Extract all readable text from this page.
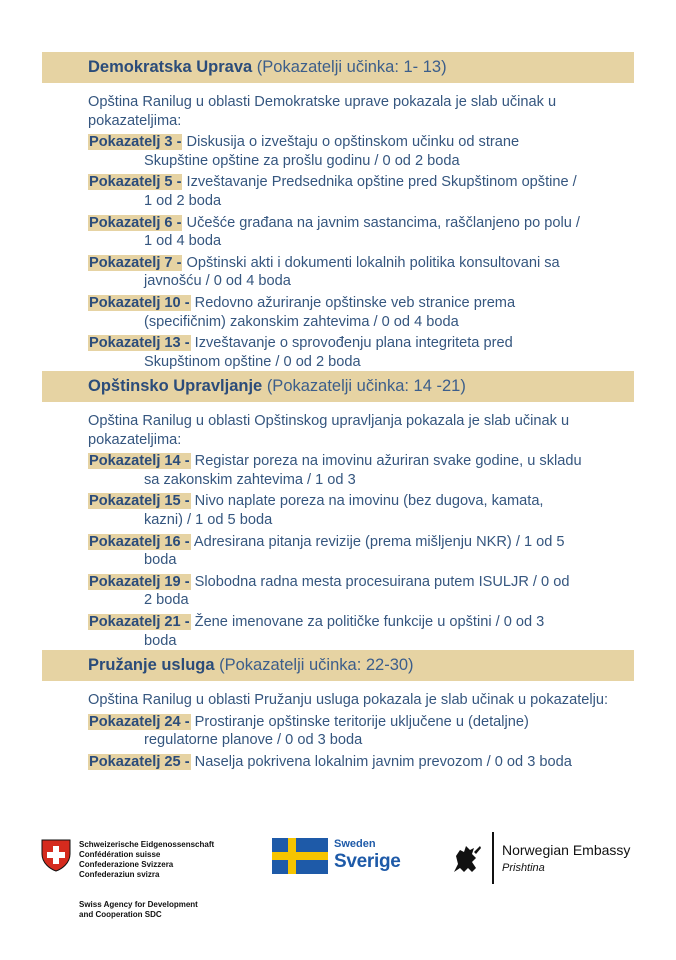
Demokratska Uprava (Pokazatelji učinka: 1- 13)
Opština Ranilug u oblasti Demokratske uprave pokazala je slab učinak u pokazateljima:
Pokazatelj 3 - Diskusija o izveštaju o opštinskom učinku od strane
Skupštine opštine za prošlu godinu / 0 od 2 boda
Pokazatelj 5 - Izveštavanje Predsednika opštine pred Skupštinom opštine /
1 od 2 boda
Pokazatelj 6 - Učešće građana na javnim sastancima, raščlanjeno po polu /
1 od 4 boda
Pokazatelj 7 - Opštinski akti i dokumenti lokalnih politika konsultovani sa
javnošću / 0 od 4 boda
Pokazatelj 10 - Redovno ažuriranje opštinske veb stranice prema
(specifičnim) zakonskim zahtevima / 0 od 4 boda
Pokazatelj 13 - Izveštavanje o sprovođenju plana integriteta pred
Skupštinom opštine / 0 od 2 boda
Opštinsko Upravljanje (Pokazatelji učinka: 14 -21)
Opština Ranilug u oblasti Opštinskog upravljanja pokazala je slab učinak u pokazateljima:
Pokazatelj 14 - Registar poreza na imovinu ažuriran svake godine, u skladu
sa zakonskim zahtevima / 1 od 3
Pokazatelj 15 - Nivo naplate poreza na imovinu (bez dugova, kamata,
kazni) / 1 od 5 boda
Pokazatelj 16 - Adresirana pitanja revizije (prema mišljenju NKR) / 1 od 5
boda
Pokazatelj 19 - Slobodna radna mesta procesuirana putem ISULJR / 0 od
2 boda
Pokazatelj 21 - Žene imenovane za političke funkcije u opštini / 0 od 3
boda
Pružanje usluga (Pokazatelji učinka: 22-30)
Opština Ranilug u oblasti Pružanju usluga pokazala je slab učinak u pokazatelju:
Pokazatelj 24 - Prostiranje opštinske teritorije uključene u (detaljne)
regulatorne planove / 0 od 3 boda
Pokazatelj 25 - Naselja pokrivena lokalnim javnim prevozom / 0 od 3 boda
Schweizerische Eidgenossenschaft
Confédération suisse
Confederazione Svizzera
Confederaziun svizra
Swiss Agency for Development
and Cooperation SDC
Sweden
Sverige
Norwegian Embassy
Prishtina
